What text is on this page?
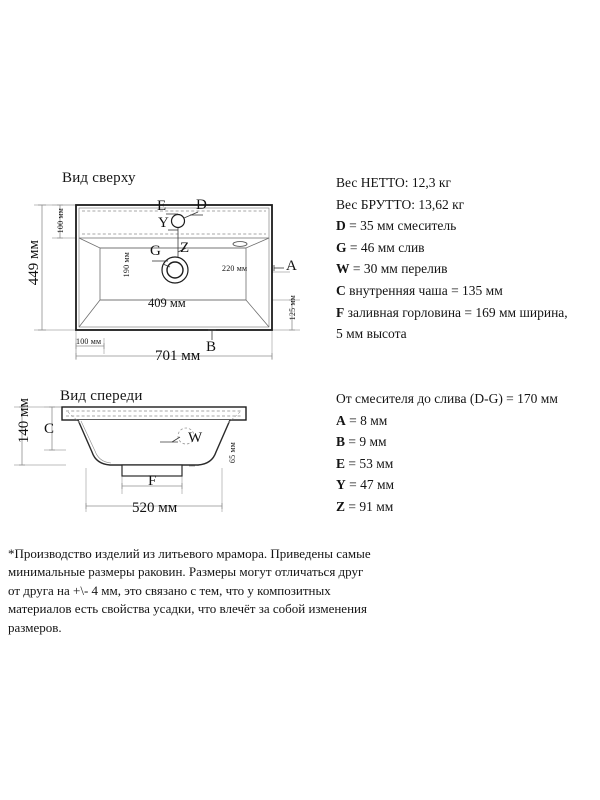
Вид сверху
449 мм
100 мм
190 мм
409 мм
220 мм
125 мм
100 мм
701 мм
E D
Y
G Z
A
B
Вид спереди
140 мм C
W
65 мм
F
520 мм
Вес НЕТТО: 12,3 кг
Вес БРУТТО: 13,62 кг
D = 35 мм смеситель
G = 46 мм слив
W = 30 мм перелив
C внутренняя чаша = 135 мм
F заливная горловина = 169 мм ширина,
5 мм высота
От смесителя до слива (D-G) = 170 мм
A = 8 мм
B = 9 мм
E = 53 мм
Y = 47 мм
Z = 91 мм
*Производство изделий из литьевого мрамора. Приведены самые минимальные размеры раковин. Размеры могут отличаться друг от друга на +\- 4 мм, это связано с тем, что у композитных материалов есть свойства усадки, что влечёт за собой изменения размеров.
